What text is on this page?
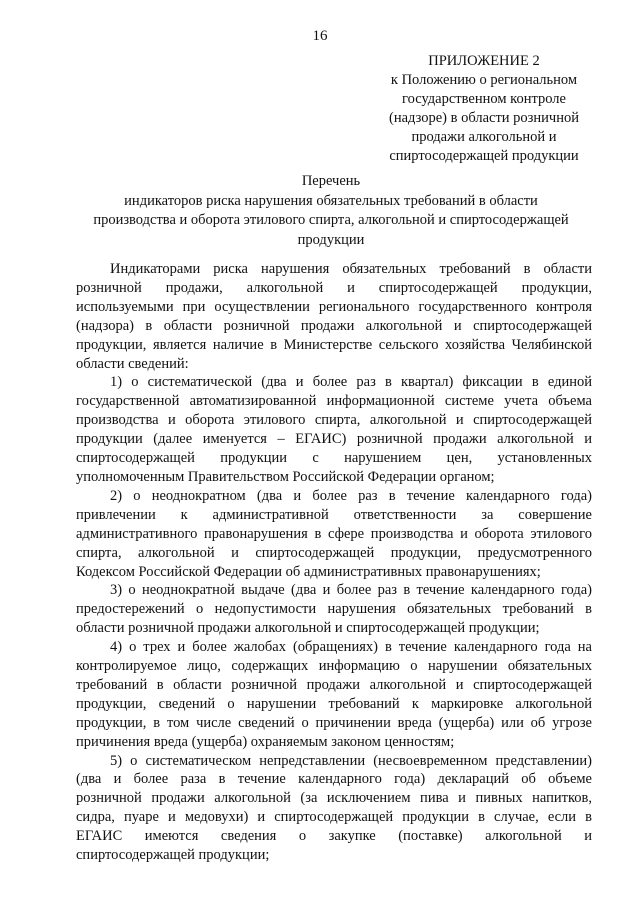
16
ПРИЛОЖЕНИЕ 2
к Положению о региональном
государственном контроле
(надзоре) в области розничной
продажи алкогольной и
спиртосодержащей продукции
Перечень
индикаторов риска нарушения обязательных требований в области
производства и оборота этилового спирта, алкогольной и спиртосодержащей
продукции
Индикаторами риска нарушения обязательных требований в области
розничной продажи, алкогольной и спиртосодержащей продукции,
используемыми при осуществлении регионального государственного контроля
(надзора) в области розничной продажи алкогольной и спиртосодержащей
продукции, является наличие в Министерстве сельского хозяйства Челябинской
области сведений:
1) о систематической (два и более раз в квартал) фиксации в единой
государственной автоматизированной информационной системе учета объема
производства и оборота этилового спирта, алкогольной и спиртосодержащей
продукции (далее именуется – ЕГАИС) розничной продажи алкогольной и
спиртосодержащей продукции с нарушением цен, установленных
уполномоченным Правительством Российской Федерации органом;
2) о неоднократном (два и более раз в течение календарного года)
привлечении к административной ответственности за совершение
административного правонарушения в сфере производства и оборота этилового
спирта, алкогольной и спиртосодержащей продукции, предусмотренного
Кодексом Российской Федерации об административных правонарушениях;
3) о неоднократной выдаче (два и более раз в течение календарного года)
предостережений о недопустимости нарушения обязательных требований в
области розничной продажи алкогольной и спиртосодержащей продукции;
4) о трех и более жалобах (обращениях) в течение календарного года на
контролируемое лицо, содержащих информацию о нарушении обязательных
требований в области розничной продажи алкогольной и спиртосодержащей
продукции, сведений о нарушении требований к маркировке алкогольной
продукции, в том числе сведений о причинении вреда (ущерба) или об угрозе
причинения вреда (ущерба) охраняемым законом ценностям;
5) о систематическом непредставлении (несвоевременном представлении)
(два и более раза в течение календарного года) деклараций об объеме
розничной продажи алкогольной (за исключением пива и пивных напитков,
сидра, пуаре и медовухи) и спиртосодержащей продукции в случае, если в
ЕГАИС имеются сведения о закупке (поставке) алкогольной и
спиртосодержащей продукции;
